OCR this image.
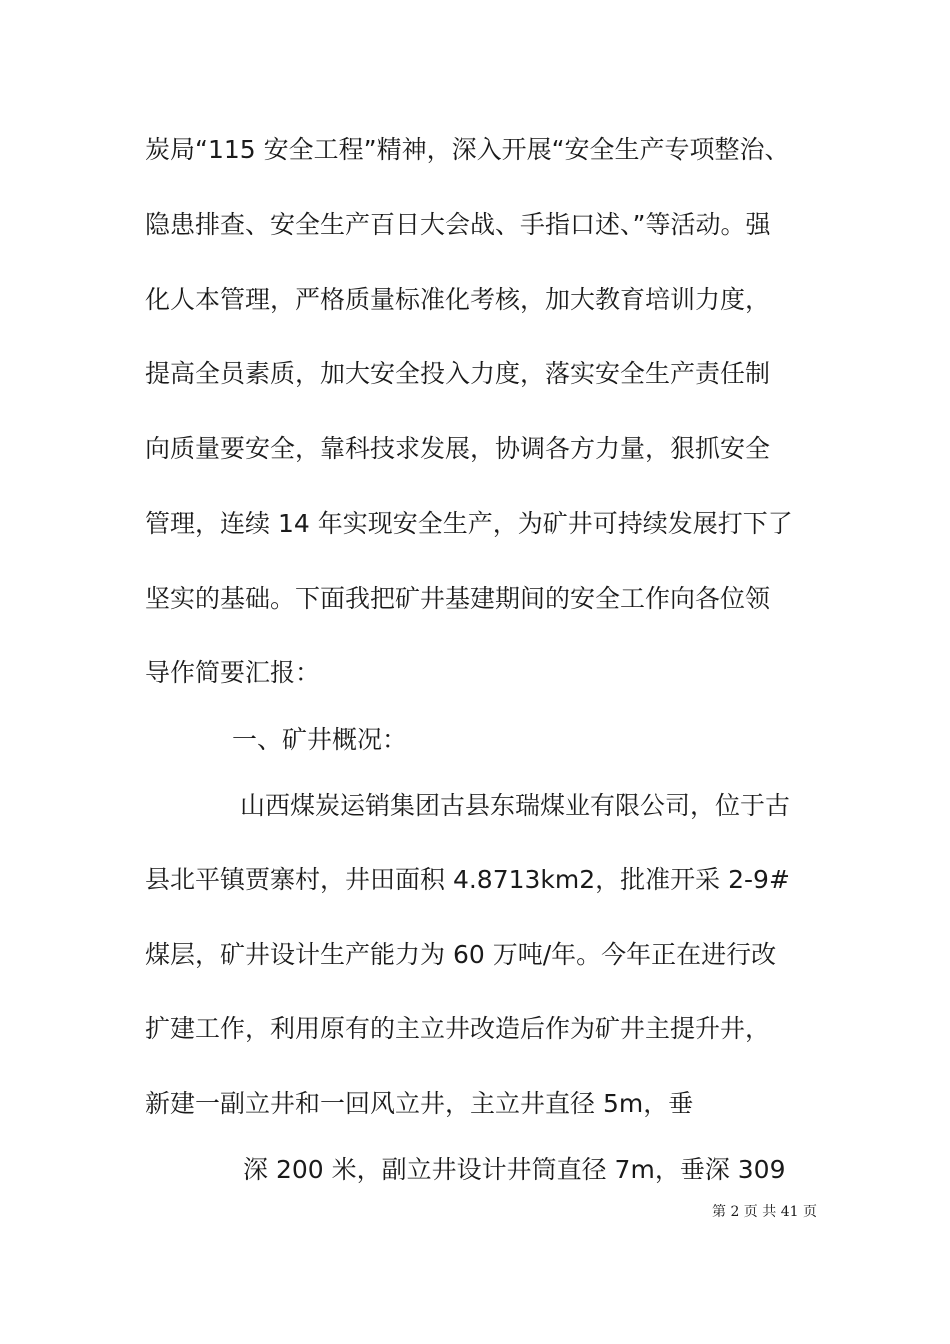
炭局“115 安全工程”精神，深入开展“安全生产专项整治、
隐患排查、安全生产百日大会战、手指口述、”等活动。强
化人本管理，严格质量标准化考核，加大教育培训力度，
提高全员素质，加大安全投入力度，落实安全生产责任制
向质量要安全，靠科技求发展，协调各方力量，狠抓安全
管理，连续 14 年实现安全生产，为矿井可持续发展打下了
坚实的基础。下面我把矿井基建期间的安全工作向各位领
导作简要汇报：
一、矿井概况：
山西煤炭运销集团古县东瑞煤业有限公司，位于古
县北平镇贾寨村，井田面积 4.8713km2，批准开采 2-9#
煤层，矿井设计生产能力为 60 万吨/年。今年正在进行改
扩建工作，利用原有的主立井改造后作为矿井主提升井，
新建一副立井和一回风立井，主立井直径 5m，垂
深 200 米，副立井设计井筒直径 7m，垂深 309
第 2 页 共 41 页
